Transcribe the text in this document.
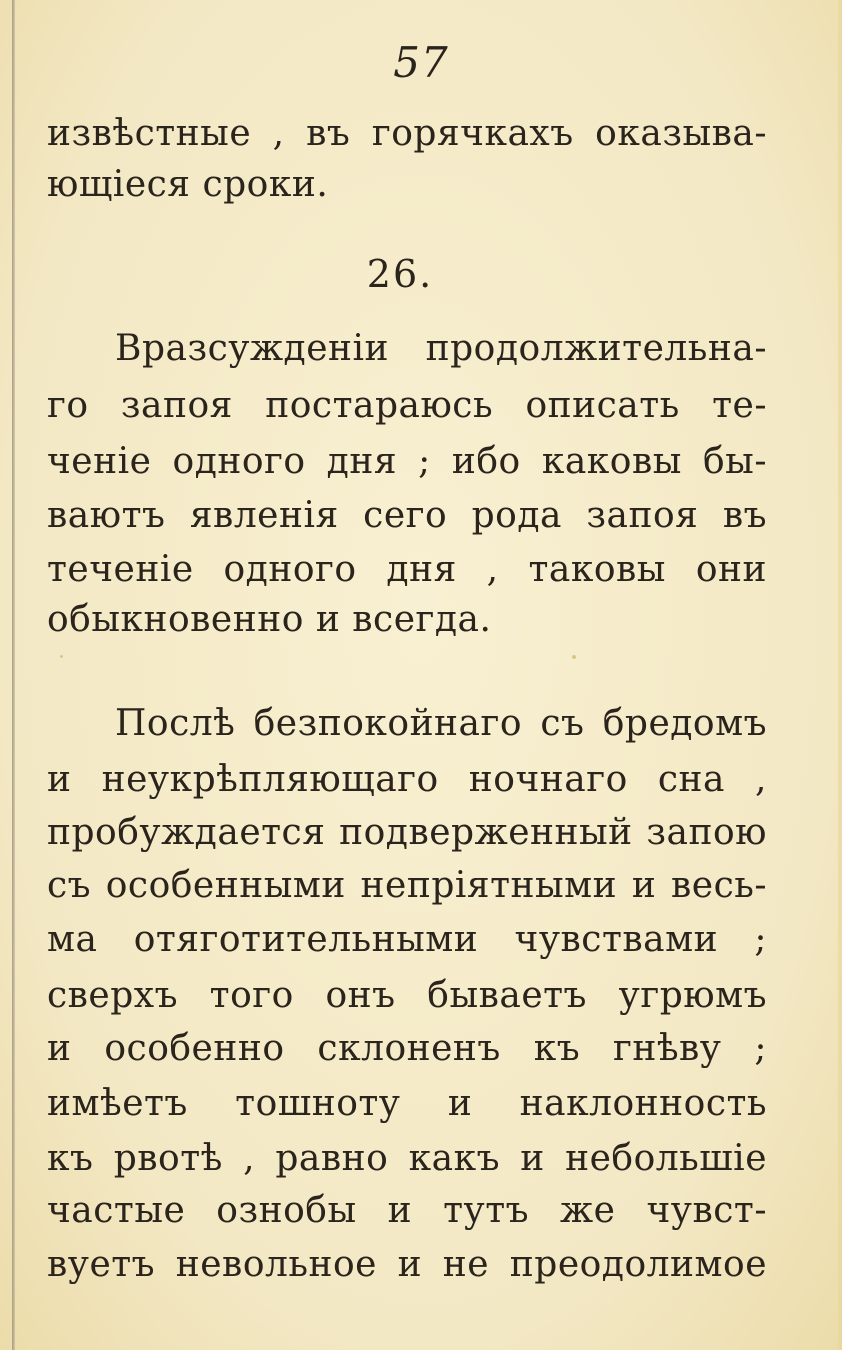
57
извѣстные , въ горячкахъ оказыва-
ющіеся сроки.
26.
Вразсужденіи продолжительна-
го запоя постараюсь описать те-
ченіе одного дня ; ибо каковы бы-
ваютъ явленія сего рода запоя въ
теченіе одного дня , таковы они
обыкновенно и всегда.
Послѣ безпокойнаго съ бредомъ
и неукрѣпляющаго ночнаго сна ,
пробуждается подверженный запою
съ особенными непріятными и весь-
ма отяготительными чувствами ;
сверхъ того онъ бываетъ угрюмъ
и особенно склоненъ къ гнѣву ;
имѣетъ тошноту и наклонность
къ рвотѣ , равно какъ и небольшіе
частые ознобы и тутъ же чувст-
вуетъ невольное и не преодолимое
